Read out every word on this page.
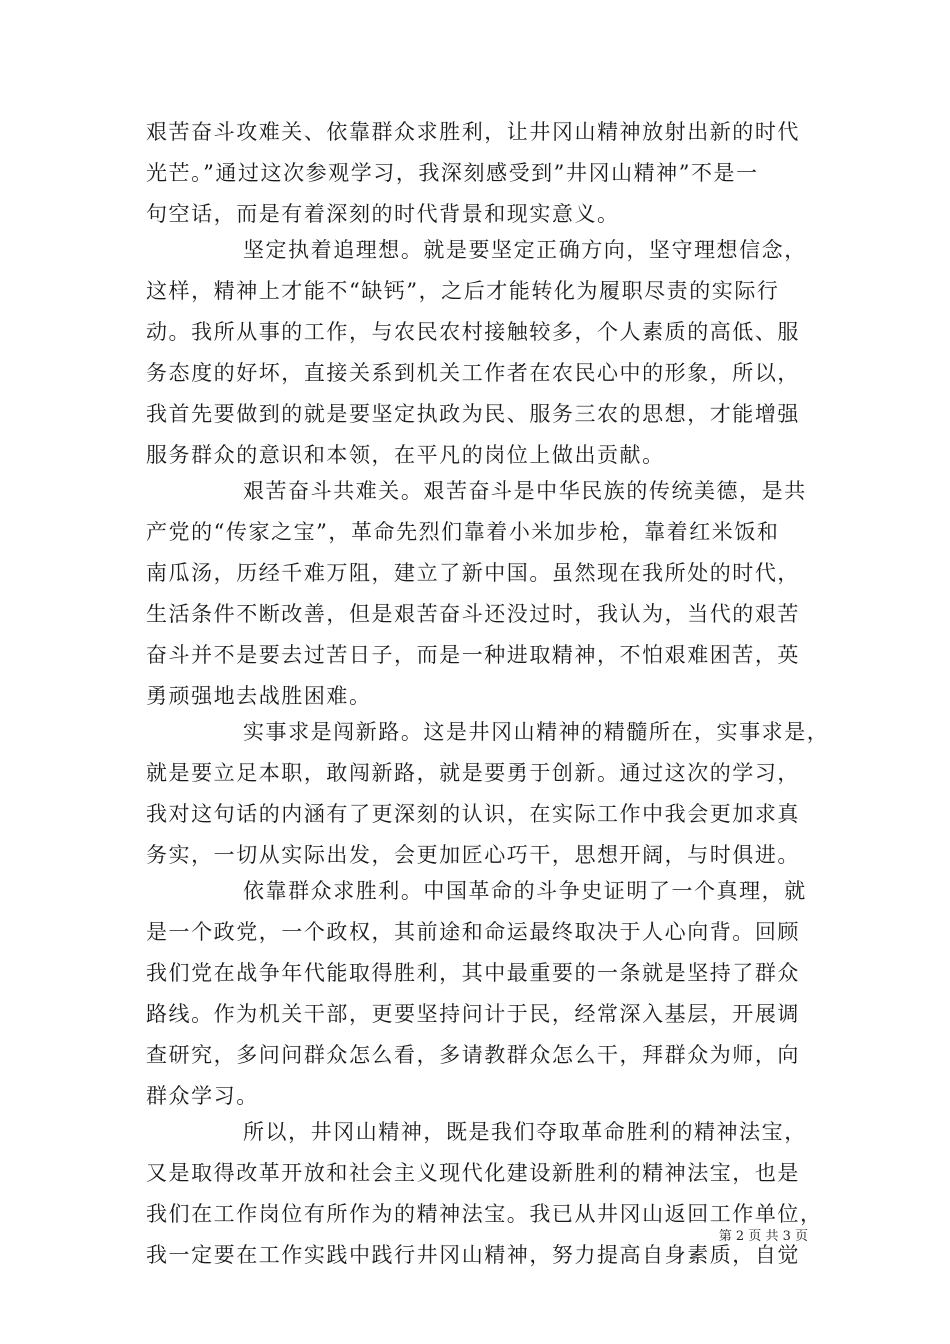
艰苦奋斗攻难关、依靠群众求胜利，让井冈山精神放射出新的时代
光芒。”通过这次参观学习，我深刻感受到”井冈山精神”不是一
句空话，而是有着深刻的时代背景和现实意义。
坚定执着追理想。就是要坚定正确方向，坚守理想信念，
这样，精神上才能不“缺钙”，之后才能转化为履职尽责的实际行
动。我所从事的工作，与农民农村接触较多，个人素质的高低、服
务态度的好坏，直接关系到机关工作者在农民心中的形象，所以，
我首先要做到的就是要坚定执政为民、服务三农的思想，才能增强
服务群众的意识和本领，在平凡的岗位上做出贡献。
艰苦奋斗共难关。艰苦奋斗是中华民族的传统美德，是共
产党的“传家之宝”，革命先烈们靠着小米加步枪，靠着红米饭和
南瓜汤，历经千难万阻，建立了新中国。虽然现在我所处的时代，
生活条件不断改善，但是艰苦奋斗还没过时，我认为，当代的艰苦
奋斗并不是要去过苦日子，而是一种进取精神，不怕艰难困苦，英
勇顽强地去战胜困难。
实事求是闯新路。这是井冈山精神的精髓所在，实事求是，
就是要立足本职，敢闯新路，就是要勇于创新。通过这次的学习，
我对这句话的内涵有了更深刻的认识，在实际工作中我会更加求真
务实，一切从实际出发，会更加匠心巧干，思想开阔，与时俱进。
依靠群众求胜利。中国革命的斗争史证明了一个真理，就
是一个政党，一个政权，其前途和命运最终取决于人心向背。回顾
我们党在战争年代能取得胜利，其中最重要的一条就是坚持了群众
路线。作为机关干部，更要坚持问计于民，经常深入基层，开展调
查研究，多问问群众怎么看，多请教群众怎么干，拜群众为师，向
群众学习。
所以，井冈山精神，既是我们夺取革命胜利的精神法宝，
又是取得改革开放和社会主义现代化建设新胜利的精神法宝，也是
我们在工作岗位有所作为的精神法宝。我已从井冈山返回工作单位，
我一定要在工作实践中践行井冈山精神，努力提高自身素质，自觉
第 2 页 共 3 页
